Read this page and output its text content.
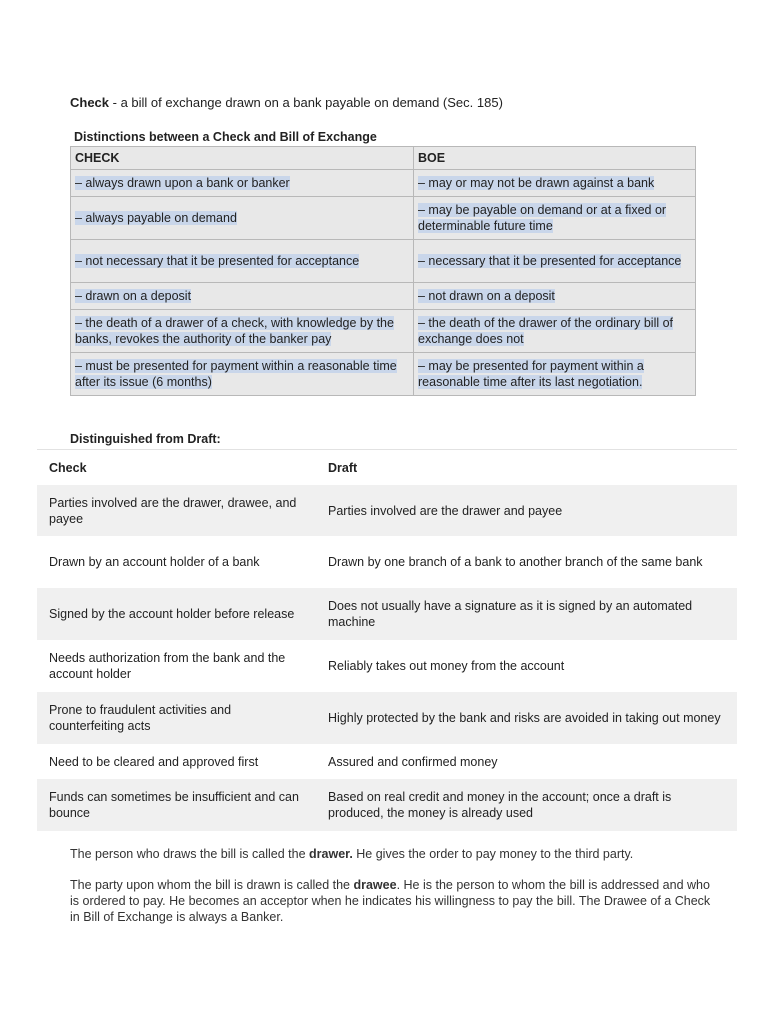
Check - a bill of exchange drawn on a bank payable on demand (Sec. 185)

Distinctions between a Check and Bill of Exchange

CHECK	BOE
– always drawn upon a bank or banker	– may or may not be drawn against a bank
– always payable on demand	– may be payable on demand or at a fixed or determinable future time
– not necessary that it be presented for acceptance	– necessary that it be presented for acceptance
– drawn on a deposit	– not drawn on a deposit
– the death of a drawer of a check, with knowledge by the banks, revokes the authority of the banker pay	– the death of the drawer of the ordinary bill of exchange does not
– must be presented for payment within a reasonable time after its issue (6 months)	– may be presented for payment within a reasonable time after its last negotiation.

Distinguished from Draft:

Check	Draft
Parties involved are the drawer, drawee, and payee	Parties involved are the drawer and payee
Drawn by an account holder of a bank	Drawn by one branch of a bank to another branch of the same bank
Signed by the account holder before release	Does not usually have a signature as it is signed by an automated machine
Needs authorization from the bank and the account holder	Reliably takes out money from the account
Prone to fraudulent activities and counterfeiting acts	Highly protected by the bank and risks are avoided in taking out money
Need to be cleared and approved first	Assured and confirmed money
Funds can sometimes be insufficient and can bounce	Based on real credit and money in the account; once a draft is produced, the money is already used

The person who draws the bill is called the drawer. He gives the order to pay money to the third party.

The party upon whom the bill is drawn is called the drawee. He is the person to whom the bill is addressed and who is ordered to pay. He becomes an acceptor when he indicates his willingness to pay the bill. The Drawee of a Check in Bill of Exchange is always a Banker.
